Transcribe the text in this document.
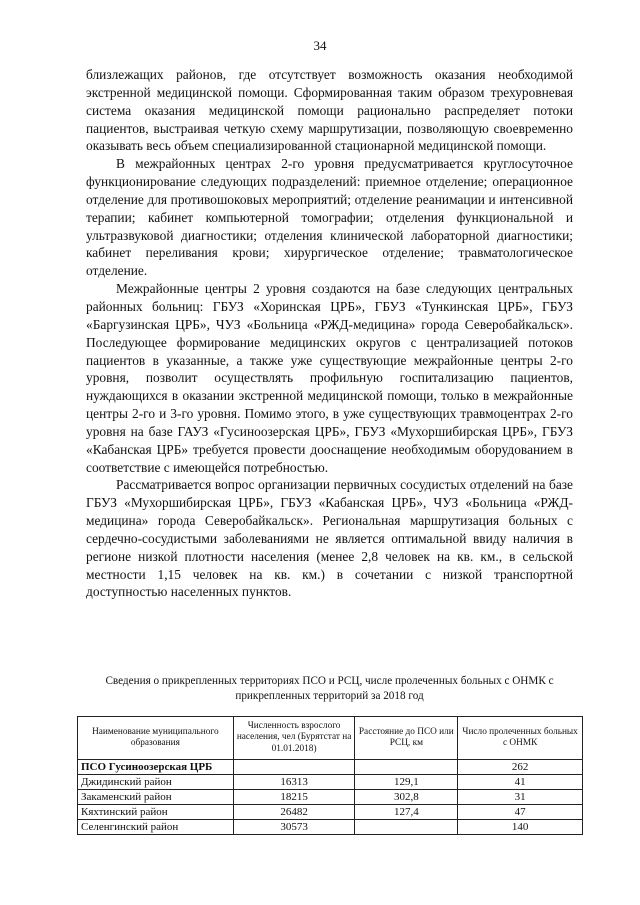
34

близлежащих районов, где отсутствует возможность оказания необходимой экстренной медицинской помощи. Сформированная таким образом трехуровневая система оказания медицинской помощи рационально распределяет потоки пациентов, выстраивая четкую схему маршрутизации, позволяющую своевременно оказывать весь объем специализированной стационарной медицинской помощи.

В межрайонных центрах 2-го уровня предусматривается круглосуточное функционирование следующих подразделений: приемное отделение; операционное отделение для противошоковых мероприятий; отделение реанимации и интенсивной терапии; кабинет компьютерной томографии; отделения функциональной и ультразвуковой диагностики; отделения клинической лабораторной диагностики; кабинет переливания крови; хирургическое отделение; травматологическое отделение.

Межрайонные центры 2 уровня создаются на базе следующих центральных районных больниц: ГБУЗ «Хоринская ЦРБ», ГБУЗ «Тункинская ЦРБ», ГБУЗ «Баргузинская ЦРБ», ЧУЗ «Больница «РЖД-медицина» города Северобайкальск». Последующее формирование медицинских округов с централизацией потоков пациентов в указанные, а также уже существующие межрайонные центры 2-го уровня, позволит осуществлять профильную госпитализацию пациентов, нуждающихся в оказании экстренной медицинской помощи, только в межрайонные центры 2-го и 3-го уровня. Помимо этого, в уже существующих травмоцентрах 2-го уровня на базе ГАУЗ «Гусиноозерская ЦРБ», ГБУЗ «Мухоршибирская ЦРБ», ГБУЗ «Кабанская ЦРБ» требуется провести дооснащение необходимым оборудованием в соответствие с имеющейся потребностью.

Рассматривается вопрос организации первичных сосудистых отделений на базе ГБУЗ «Мухоршибирская ЦРБ», ГБУЗ «Кабанская ЦРБ», ЧУЗ «Больница «РЖД-медицина» города Северобайкальск». Региональная маршрутизация больных с сердечно-сосудистыми заболеваниями не является оптимальной ввиду наличия в регионе низкой плотности населения (менее 2,8 человек на кв. км., в сельской местности 1,15 человек на кв. км.) в сочетании с низкой транспортной доступностью населенных пунктов.

Сведения о прикрепленных территориях ПСО и РСЦ, числе пролеченных больных с ОНМК с прикрепленных территорий за 2018 год
Наименование муниципального образования	Численность взрослого населения, чел (Бурятстат на 01.01.2018)	Расстояние до ПСО или РСЦ, км	Число пролеченных больных с ОНМК
ПСО Гусиноозерская ЦРБ			262
Джидинский район	16313	129,1	41
Закаменский район	18215	302,8	31
Кяхтинский район	26482	127,4	47
Селенгинский район	30573		140
